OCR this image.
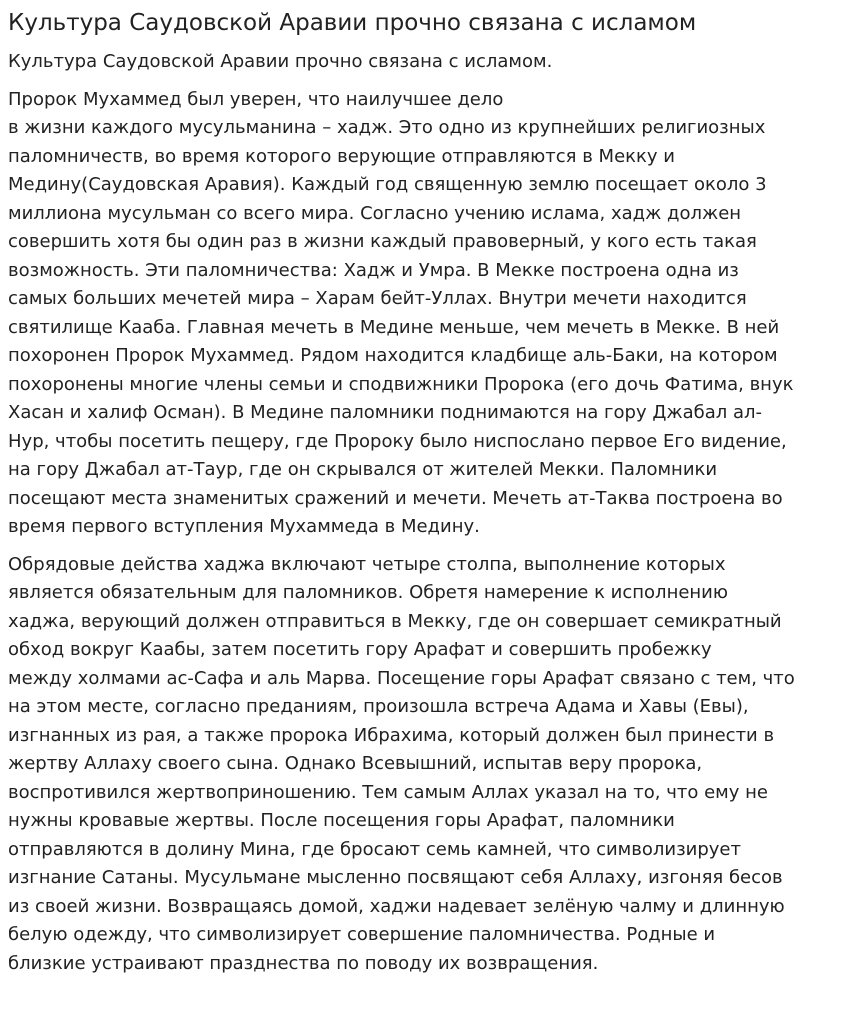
Культура Саудовской Аравии прочно связана с исламом

Культура Саудовской Аравии прочно связана с исламом.

Пророк Мухаммед был уверен, что наилучшее дело
в жизни каждого мусульманина – хадж. Это одно из крупнейших религиозных
паломничеств, во время которого верующие отправляются в Мекку и
Медину(Саудовская Аравия). Каждый год священную землю посещает около 3
миллиона мусульман со всего мира. Согласно учению ислама, хадж должен
совершить хотя бы один раз в жизни каждый правоверный, у кого есть такая
возможность. Эти паломничества: Хадж и Умра. В Мекке построена одна из
самых больших мечетей мира – Харам бейт-Уллах. Внутри мечети находится
святилище Кааба. Главная мечеть в Медине меньше, чем мечеть в Мекке. В ней
похоронен Пророк Мухаммед. Рядом находится кладбище аль-Баки, на котором
похоронены многие члены семьи и сподвижники Пророка (его дочь Фатима, внук
Хасан и халиф Осман). В Медине паломники поднимаются на гору Джабал ал-
Нур, чтобы посетить пещеру, где Пророку было ниспослано первое Его видение,
на гору Джабал ат-Таур, где он скрывался от жителей Мекки. Паломники
посещают места знаменитых сражений и мечети. Мечеть ат-Таква построена во
время первого вступления Мухаммеда в Медину.

Обрядовые действа хаджа включают четыре столпа, выполнение которых
является обязательным для паломников. Обретя намерение к исполнению
хаджа, верующий должен отправиться в Мекку, где он совершает семикратный
обход вокруг Каабы, затем посетить гору Арафат и совершить пробежку
между холмами ас-Сафа и аль Марва. Посещение горы Арафат связано с тем, что
на этом месте, согласно преданиям, произошла встреча Адама и Хавы (Евы),
изгнанных из рая, а также пророка Ибрахима, который должен был принести в
жертву Аллаху своего сына. Однако Всевышний, испытав веру пророка,
воспротивился жертвоприношению. Тем самым Аллах указал на то, что ему не
нужны кровавые жертвы. После посещения горы Арафат, паломники
отправляются в долину Мина, где бросают семь камней, что символизирует
изгнание Сатаны. Мусульмане мысленно посвящают себя Аллаху, изгоняя бесов
из своей жизни. Возвращаясь домой, хаджи надевает зелёную чалму и длинную
белую одежду, что символизирует совершение паломничества. Родные и
близкие устраивают празднества по поводу их возвращения.
